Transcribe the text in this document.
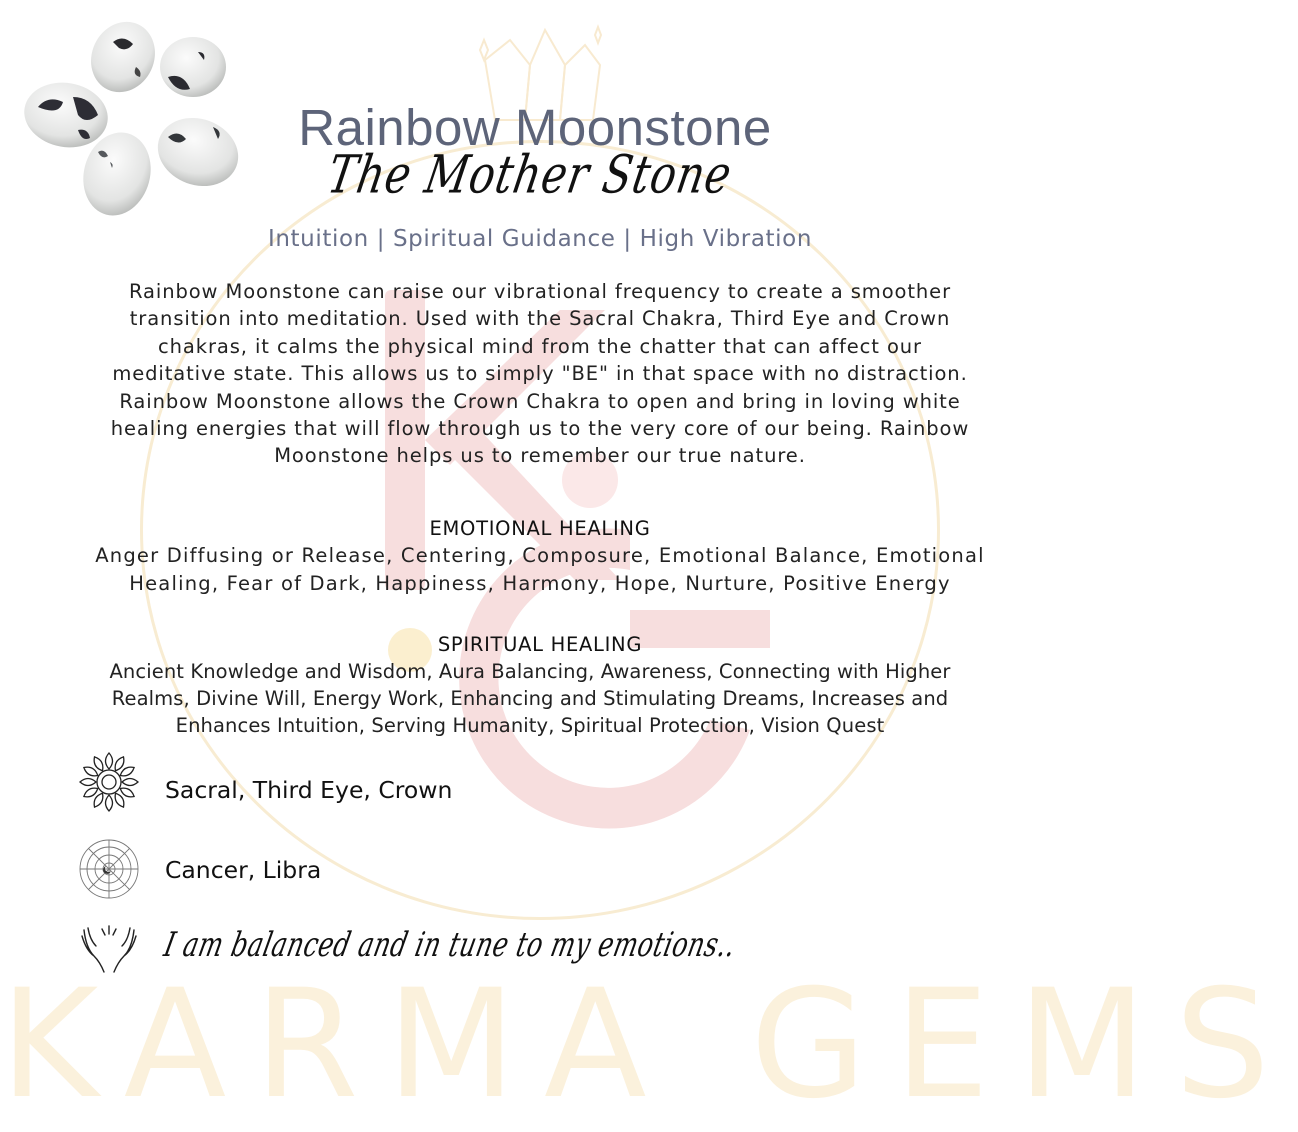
KARMA GEMS
Rainbow Moonstone
The Mother Stone
Intuition | Spiritual Guidance | High Vibration
Rainbow Moonstone can raise our vibrational frequency to create a smoother transition into meditation. Used with the Sacral Chakra, Third Eye and Crown chakras, it calms the physical mind from the chatter that can affect our meditative state. This allows us to simply "BE" in that space with no distraction. Rainbow Moonstone allows the Crown Chakra to open and bring in loving white healing energies that will flow through us to the very core of our being. Rainbow Moonstone helps us to remember our true nature.
EMOTIONAL HEALING
Anger Diffusing or Release, Centering, Composure, Emotional Balance, Emotional Healing, Fear of Dark, Happiness, Harmony, Hope, Nurture, Positive Energy
SPIRITUAL HEALING
Ancient Knowledge and Wisdom, Aura Balancing, Awareness, Connecting with Higher Realms, Divine Will, Energy Work, Enhancing and Stimulating Dreams, Increases and Enhances Intuition, Serving Humanity, Spiritual Protection, Vision Quest
Sacral, Third Eye, Crown
Cancer, Libra
I am balanced and in tune to my emotions..
